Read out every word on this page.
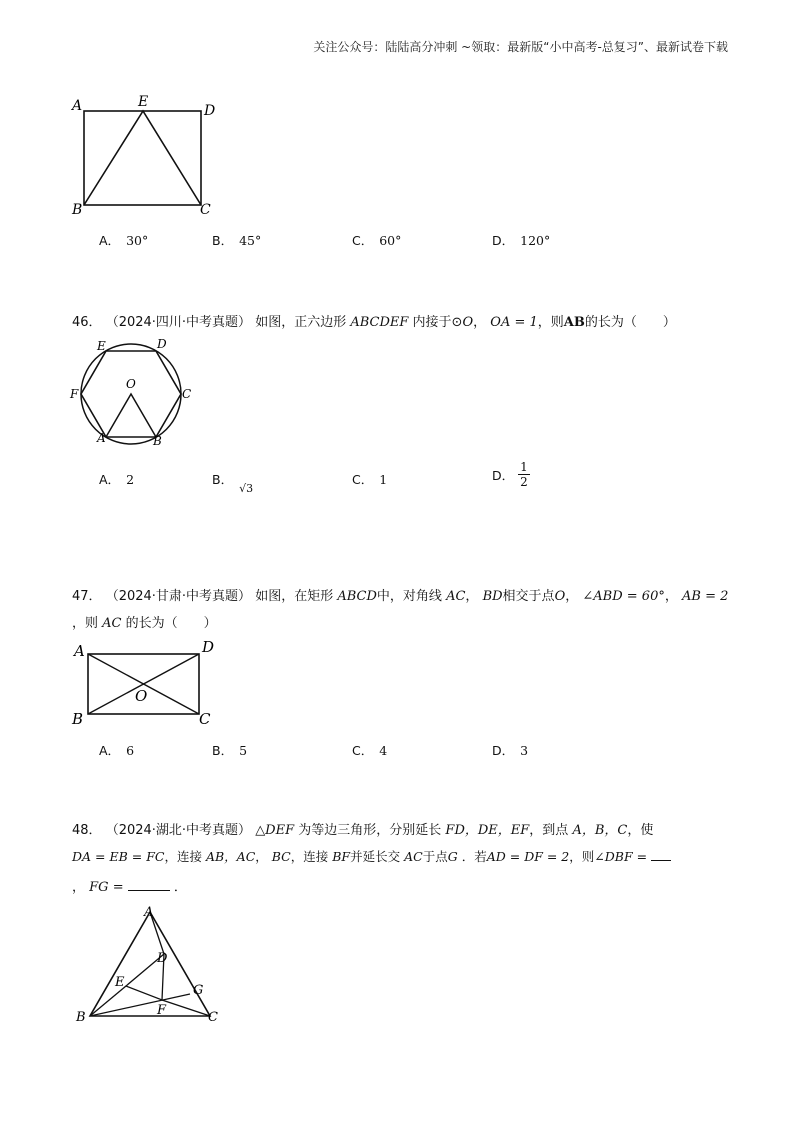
关注公众号：陆陆高分冲刺 ~领取：最新版“小中高考-总复习”、最新试卷下载
A	E
D
B	C
A． 30°	B． 45°	C． 60°	D． 120°
46． （2024·四川·中考真题） 如图，正六边形 ABCDEF 内接于⊙O， OA = 1，则AB的长为（　　）
E	D
F
O
C
A	B
A． 2	B．√3
C． 1	D． $\frac{1}{2}$
47． （2024·甘肃·中考真题） 如图，在矩形 ABCD中，对角线 AC， BD相交于点O， ∠ABD = 60°， AB = 2
，则 AC 的长为（　　）
A	D
O
B	C
A． 6	B． 5	C． 4	D． 3
48． （2024·湖北·中考真题） △DEF 为等边三角形，分别延长 FD，DE，EF，到点 A，B，C，使
DA = EB = FC，连接 AB，AC， BC，连接 BF并延长交 AC于点G ．若AD = DF = 2，则∠DBF =
， FG =	．
A
D
E
G
B	F	C
